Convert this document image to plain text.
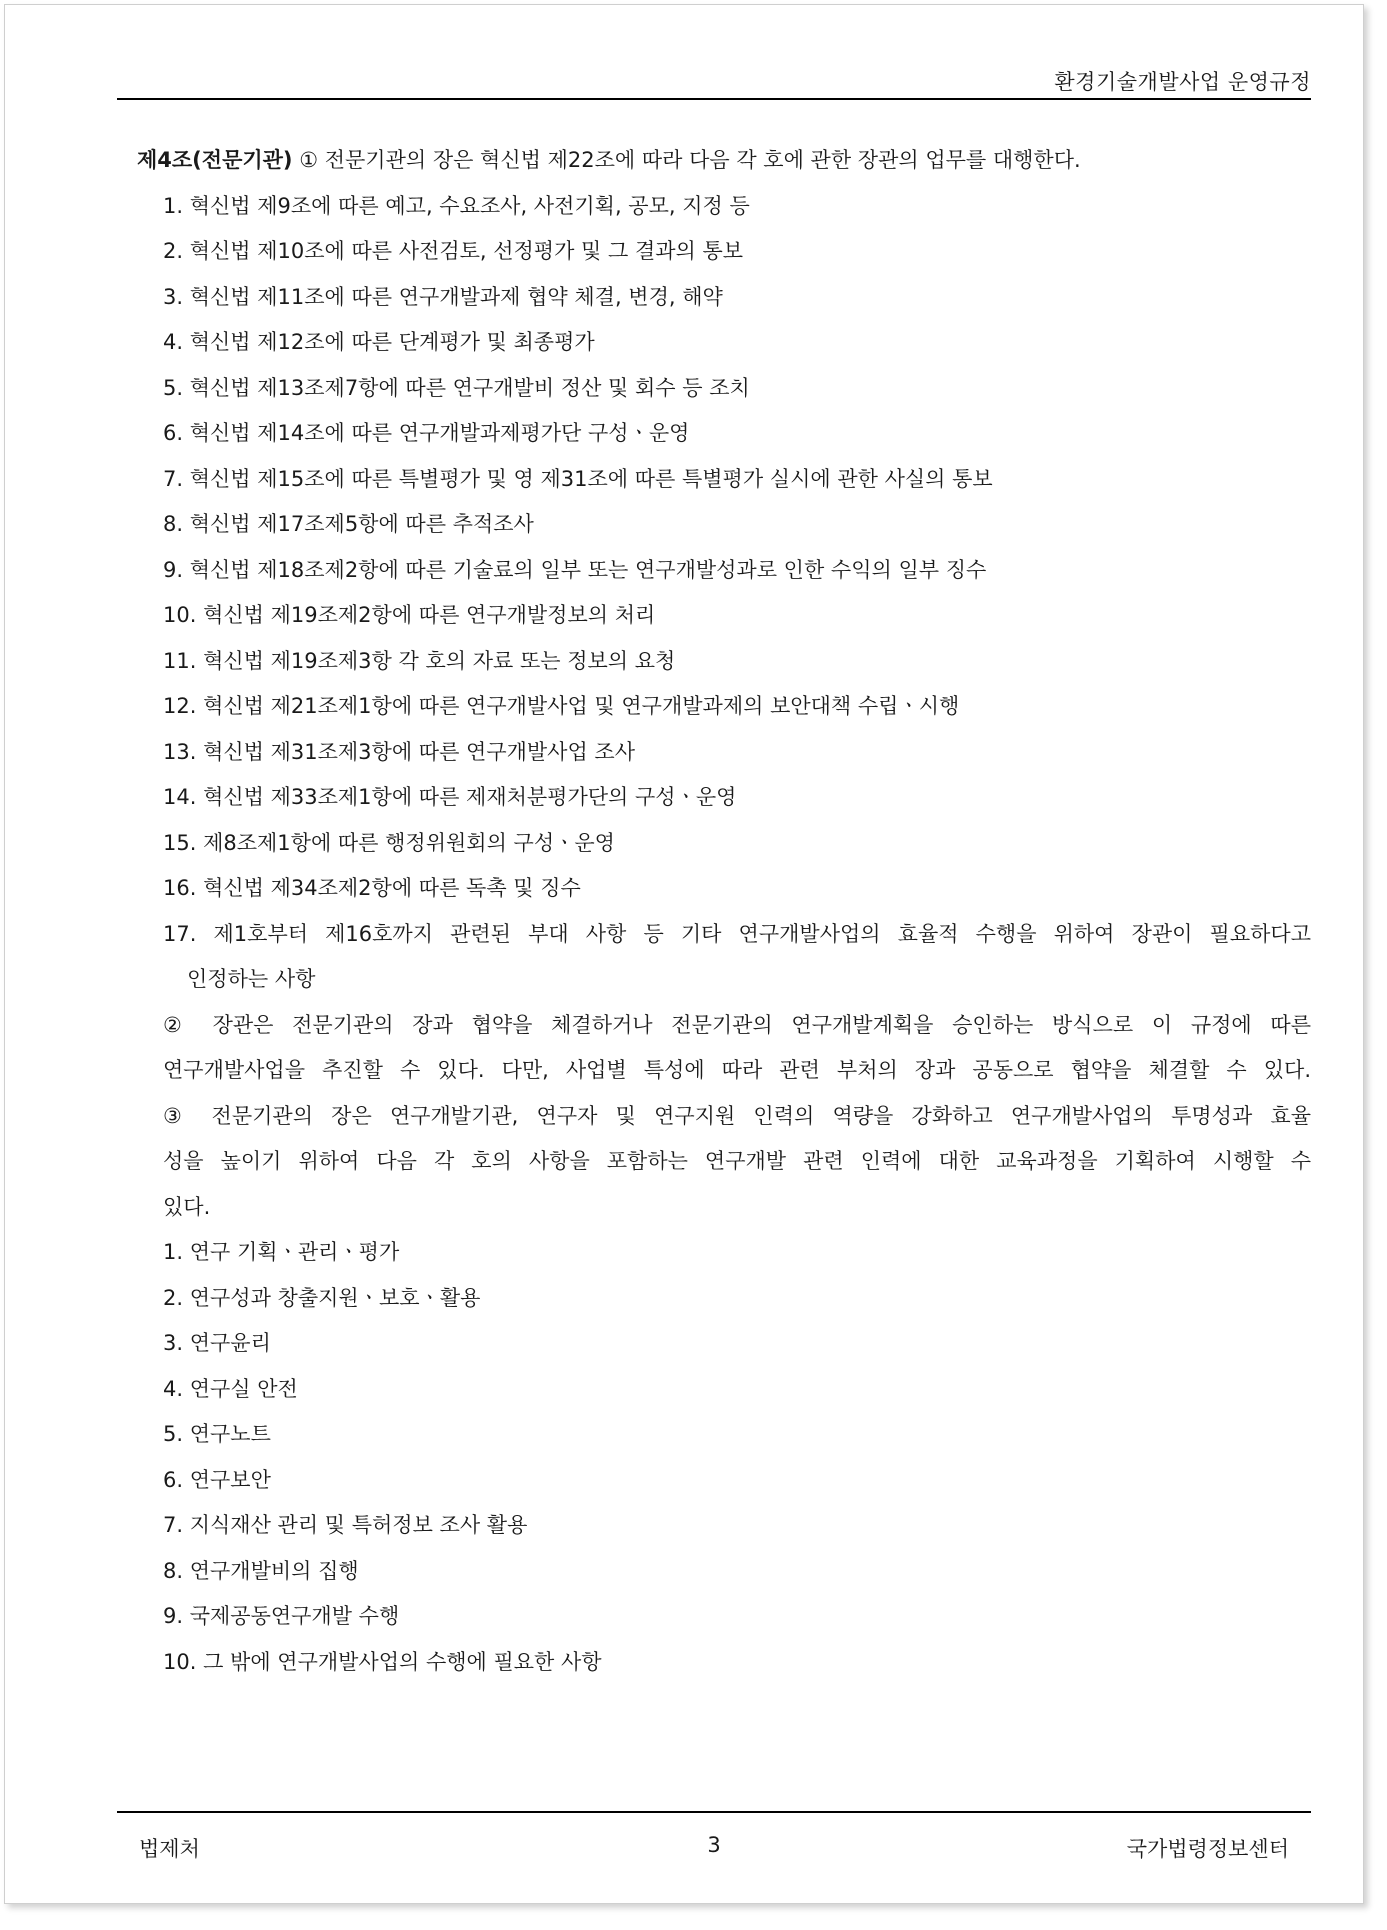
환경기술개발사업 운영규정
제4조(전문기관) ① 전문기관의 장은 혁신법 제22조에 따라 다음 각 호에 관한 장관의 업무를 대행한다.
1. 혁신법 제9조에 따른 예고, 수요조사, 사전기획, 공모, 지정 등
2. 혁신법 제10조에 따른 사전검토, 선정평가 및 그 결과의 통보
3. 혁신법 제11조에 따른 연구개발과제 협약 체결, 변경, 해약
4. 혁신법 제12조에 따른 단계평가 및 최종평가
5. 혁신법 제13조제7항에 따른 연구개발비 정산 및 회수 등 조치
6. 혁신법 제14조에 따른 연구개발과제평가단 구성ㆍ운영
7. 혁신법 제15조에 따른 특별평가 및 영 제31조에 따른 특별평가 실시에 관한 사실의 통보
8. 혁신법 제17조제5항에 따른 추적조사
9. 혁신법 제18조제2항에 따른 기술료의 일부 또는 연구개발성과로 인한 수익의 일부 징수
10. 혁신법 제19조제2항에 따른 연구개발정보의 처리
11. 혁신법 제19조제3항 각 호의 자료 또는 정보의 요청
12. 혁신법 제21조제1항에 따른 연구개발사업 및 연구개발과제의 보안대책 수립ㆍ시행
13. 혁신법 제31조제3항에 따른 연구개발사업 조사
14. 혁신법 제33조제1항에 따른 제재처분평가단의 구성ㆍ운영
15. 제8조제1항에 따른 행정위원회의 구성ㆍ운영
16. 혁신법 제34조제2항에 따른 독촉 및 징수
17. 제1호부터 제16호까지 관련된 부대 사항 등 기타 연구개발사업의 효율적 수행을 위하여 장관이 필요하다고
인정하는 사항
② 장관은 전문기관의 장과 협약을 체결하거나 전문기관의 연구개발계획을 승인하는 방식으로 이 규정에 따른
연구개발사업을 추진할 수 있다. 다만, 사업별 특성에 따라 관련 부처의 장과 공동으로 협약을 체결할 수 있다.
③ 전문기관의 장은 연구개발기관, 연구자 및 연구지원 인력의 역량을 강화하고 연구개발사업의 투명성과 효율
성을 높이기 위하여 다음 각 호의 사항을 포함하는 연구개발 관련 인력에 대한 교육과정을 기획하여 시행할 수
있다.
1. 연구 기획ㆍ관리ㆍ평가
2. 연구성과 창출지원ㆍ보호ㆍ활용
3. 연구윤리
4. 연구실 안전
5. 연구노트
6. 연구보안
7. 지식재산 관리 및 특허정보 조사 활용
8. 연구개발비의 집행
9. 국제공동연구개발 수행
10. 그 밖에 연구개발사업의 수행에 필요한 사항
법제처	3	국가법령정보센터
